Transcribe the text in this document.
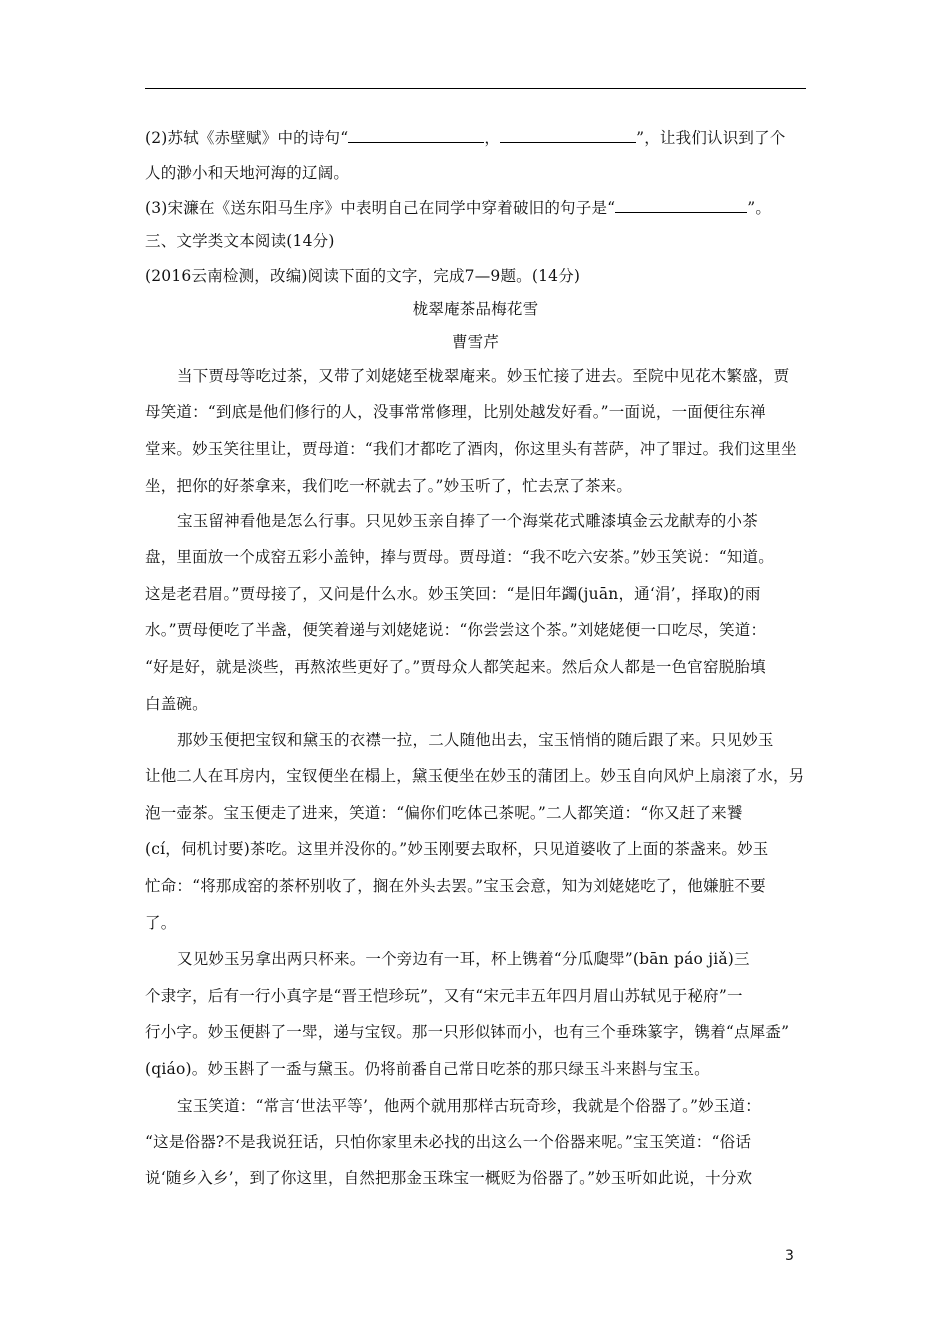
(2)苏轼《赤壁赋》中的诗句“	，	”，让我们认识到了个
人的渺小和天地河海的辽阔。
(3)宋濂在《送东阳马生序》中表明自己在同学中穿着破旧的句子是“	”。
三、文学类文本阅读(14分)
(2016云南检测，改编)阅读下面的文字，完成7—9题。(14分)
栊翠庵茶品梅花雪
曹雪芹
当下贾母等吃过茶，又带了刘姥姥至栊翠庵来。妙玉忙接了进去。至院中见花木繁盛，贾
母笑道：“到底是他们修行的人，没事常常修理，比别处越发好看。”一面说，一面便往东禅
堂来。妙玉笑往里让，贾母道：“我们才都吃了酒肉，你这里头有菩萨，冲了罪过。我们这里坐
坐，把你的好茶拿来，我们吃一杯就去了。”妙玉听了，忙去烹了茶来。
宝玉留神看他是怎么行事。只见妙玉亲自捧了一个海棠花式雕漆填金云龙献寿的小茶
盘，里面放一个成窑五彩小盖钟，捧与贾母。贾母道：“我不吃六安茶。”妙玉笑说：“知道。
这是老君眉。”贾母接了，又问是什么水。妙玉笑回：“是旧年蠲(juān，通‘涓’，择取)的雨
水。”贾母便吃了半盏，便笑着递与刘姥姥说：“你尝尝这个茶。”刘姥姥便一口吃尽，笑道：
“好是好，就是淡些，再熬浓些更好了。”贾母众人都笑起来。然后众人都是一色官窑脱胎填
白盖碗。
那妙玉便把宝钗和黛玉的衣襟一拉，二人随他出去，宝玉悄悄的随后跟了来。只见妙玉
让他二人在耳房内，宝钗便坐在榻上，黛玉便坐在妙玉的蒲团上。妙玉自向风炉上扇滚了水，另
泡一壶茶。宝玉便走了进来，笑道：“偏你们吃体己茶呢。”二人都笑道：“你又赶了来饕
(cí，伺机讨要)茶吃。这里并没你的。”妙玉刚要去取杯，只见道婆收了上面的茶盏来。妙玉
忙命：“将那成窑的茶杯别收了，搁在外头去罢。”宝玉会意，知为刘姥姥吃了，他嫌脏不要
了。
又见妙玉另拿出两只杯来。一个旁边有一耳，杯上镌着“分瓜瓟斝”(bān páo jiǎ)三
个隶字，后有一行小真字是“晋王恺珍玩”，又有“宋元丰五年四月眉山苏轼见于秘府”一
行小字。妙玉便斟了一斝，递与宝钗。那一只形似钵而小，也有三个垂珠篆字，镌着“点犀盉”
(qiáo)。妙玉斟了一盉与黛玉。仍将前番自己常日吃茶的那只绿玉斗来斟与宝玉。
宝玉笑道：“常言‘世法平等’，他两个就用那样古玩奇珍，我就是个俗器了。”妙玉道：
“这是俗器?不是我说狂话，只怕你家里未必找的出这么一个俗器来呢。”宝玉笑道：“俗话
说‘随乡入乡’，到了你这里，自然把那金玉珠宝一概贬为俗器了。”妙玉听如此说，十分欢
3
